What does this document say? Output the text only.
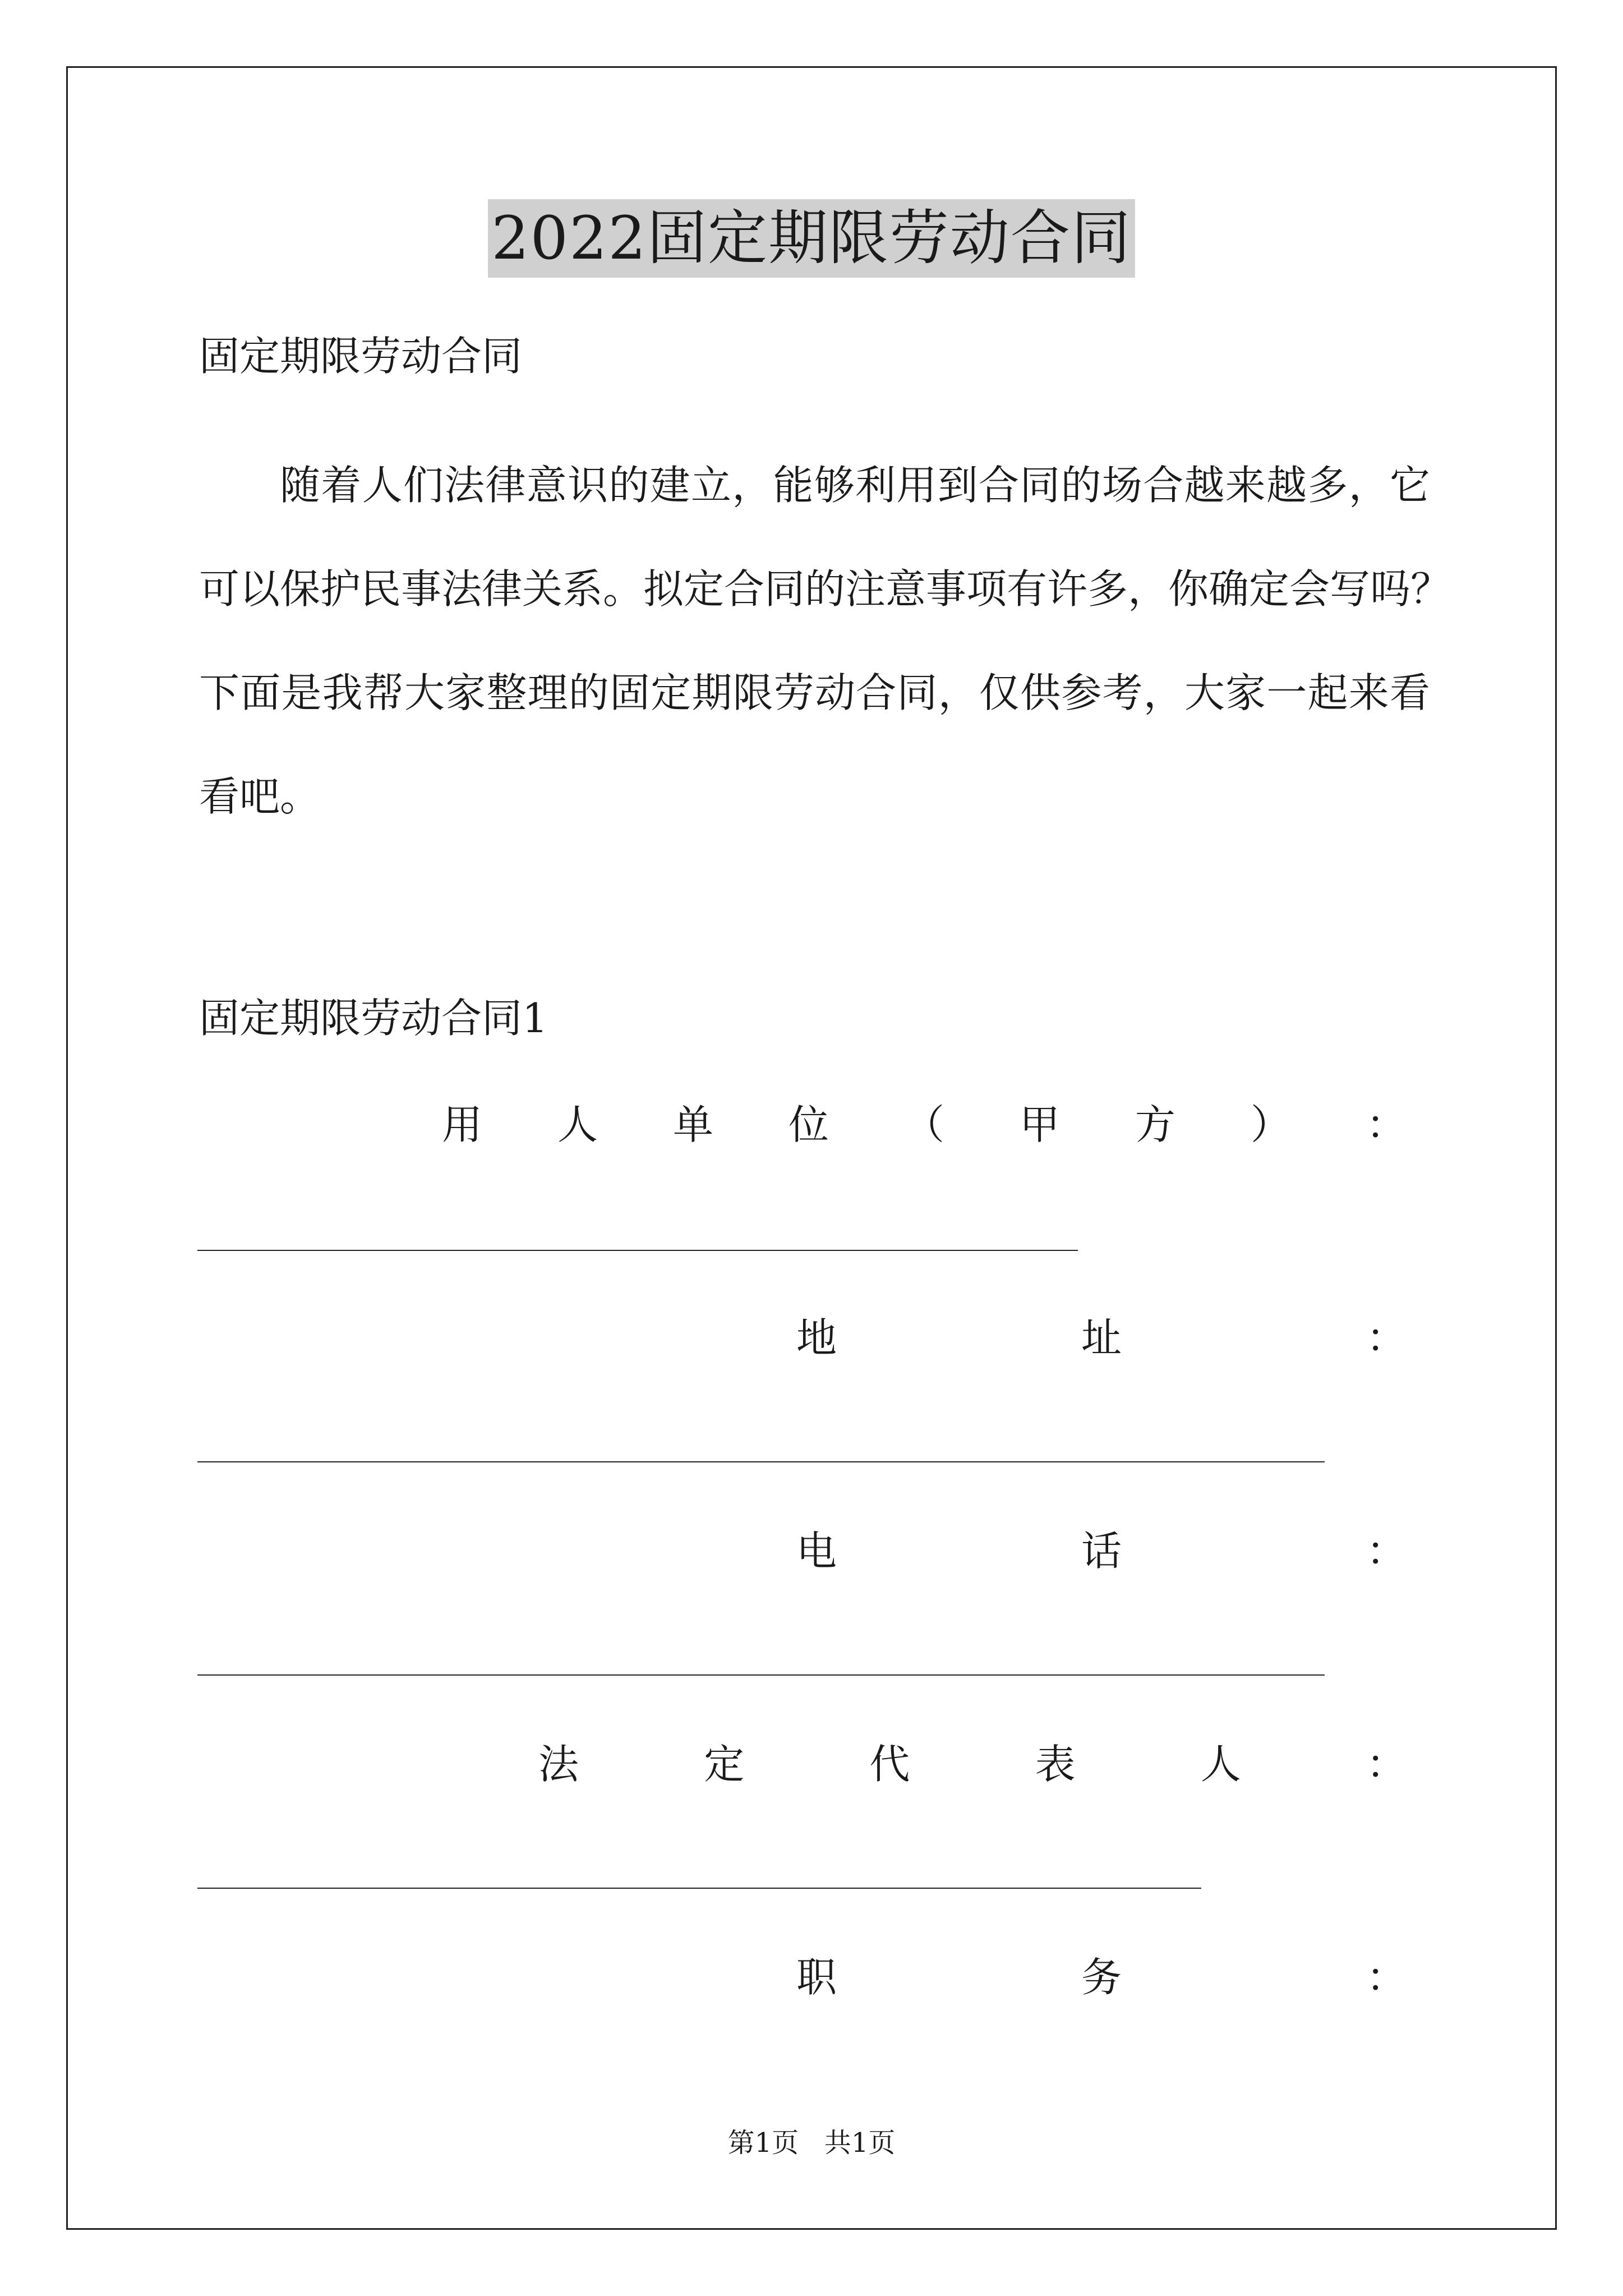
2022固定期限劳动合同

固定期限劳动合同

随着人们法律意识的建立，能够利用到合同的场合越来越多，它
可以保护民事法律关系。拟定合同的注意事项有许多，你确定会写吗？
下面是我帮大家整理的固定期限劳动合同，仅供参考，大家一起来看
看吧。

固定期限劳动合同1

用 人 单 位 （ 甲 方 ） ：
地	址	：
电	话	：
法	定	代	表	人	：
职	务	：
第1页   共1页
